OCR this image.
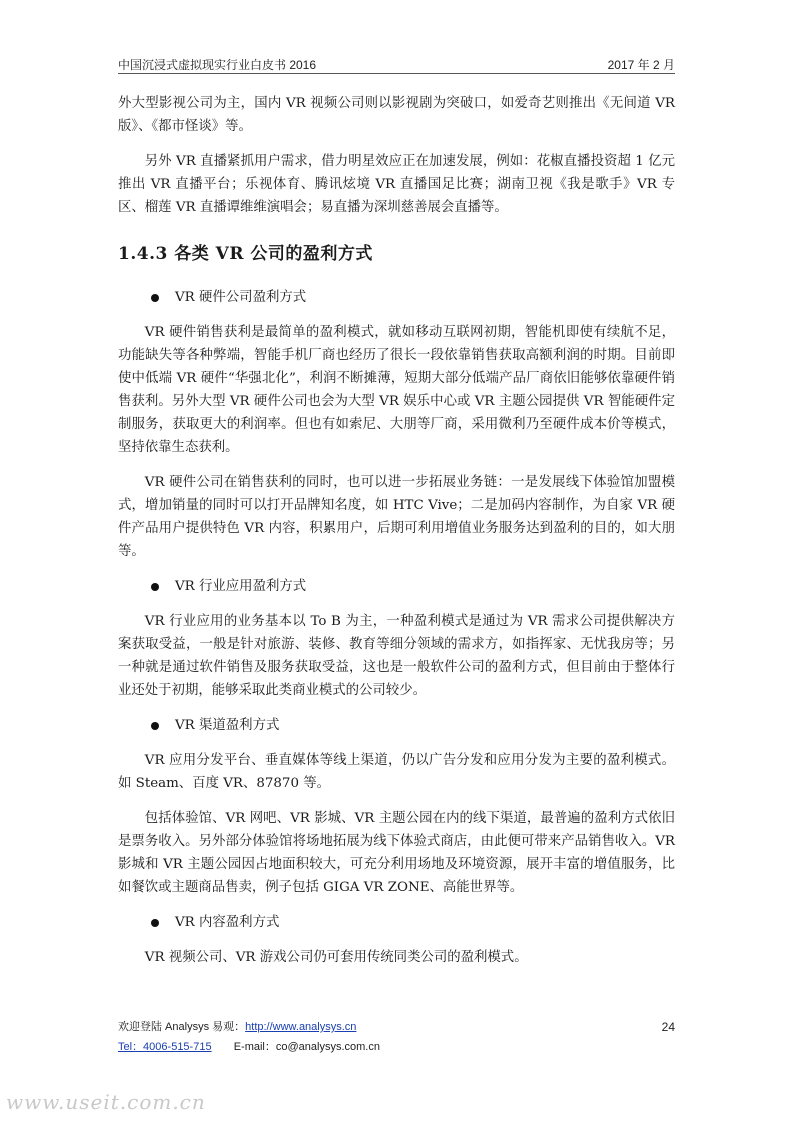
中国沉浸式虚拟现实行业白皮书 2016	2017 年 2 月

外大型影视公司为主，国内 VR 视频公司则以影视剧为突破口，如爱奇艺则推出《无间道 VR 版》、《都市怪谈》等。

另外 VR 直播紧抓用户需求，借力明星效应正在加速发展，例如：花椒直播投资超 1 亿元推出 VR 直播平台；乐视体育、腾讯炫境 VR 直播国足比赛；湖南卫视《我是歌手》VR 专区、榴莲 VR 直播谭维维演唱会；易直播为深圳慈善展会直播等。

1.4.3 各类 VR 公司的盈利方式
VR 硬件公司盈利方式

VR 硬件销售获利是最简单的盈利模式，就如移动互联网初期，智能机即使有续航不足，功能缺失等各种弊端，智能手机厂商也经历了很长一段依靠销售获取高额利润的时期。目前即使中低端 VR 硬件“华强北化”，利润不断摊薄，短期大部分低端产品厂商依旧能够依靠硬件销售获利。另外大型 VR 硬件公司也会为大型 VR 娱乐中心或 VR 主题公园提供 VR 智能硬件定制服务，获取更大的利润率。但也有如索尼、大朋等厂商，采用微利乃至硬件成本价等模式，坚持依靠生态获利。

VR 硬件公司在销售获利的同时，也可以进一步拓展业务链：一是发展线下体验馆加盟模式，增加销量的同时可以打开品牌知名度，如 HTC Vive；二是加码内容制作，为自家 VR 硬件产品用户提供特色 VR 内容，积累用户，后期可利用增值业务服务达到盈利的目的，如大朋等。

VR 行业应用盈利方式

VR 行业应用的业务基本以 To B 为主，一种盈利模式是通过为 VR 需求公司提供解决方案获取受益，一般是针对旅游、装修、教育等细分领域的需求方，如指挥家、无忧我房等；另一种就是通过软件销售及服务获取受益，这也是一般软件公司的盈利方式，但目前由于整体行业还处于初期，能够采取此类商业模式的公司较少。

VR 渠道盈利方式

VR 应用分发平台、垂直媒体等线上渠道，仍以广告分发和应用分发为主要的盈利模式。如 Steam、百度 VR、87870 等。

包括体验馆、VR 网吧、VR 影城、VR 主题公园在内的线下渠道，最普遍的盈利方式依旧是票务收入。另外部分体验馆将场地拓展为线下体验式商店，由此便可带来产品销售收入。VR 影城和 VR 主题公园因占地面积较大，可充分利用场地及环境资源，展开丰富的增值服务，比如餐饮或主题商品售卖，例子包括 GIGA VR ZONE、高能世界等。

VR 内容盈利方式

VR 视频公司、VR 游戏公司仍可套用传统同类公司的盈利模式。

欢迎登陆 Analysys 易观：http://www.analysys.cn
Tel：4006-515-715 E-mail：co@analysys.com.cn
24
www.useit.com.cn
